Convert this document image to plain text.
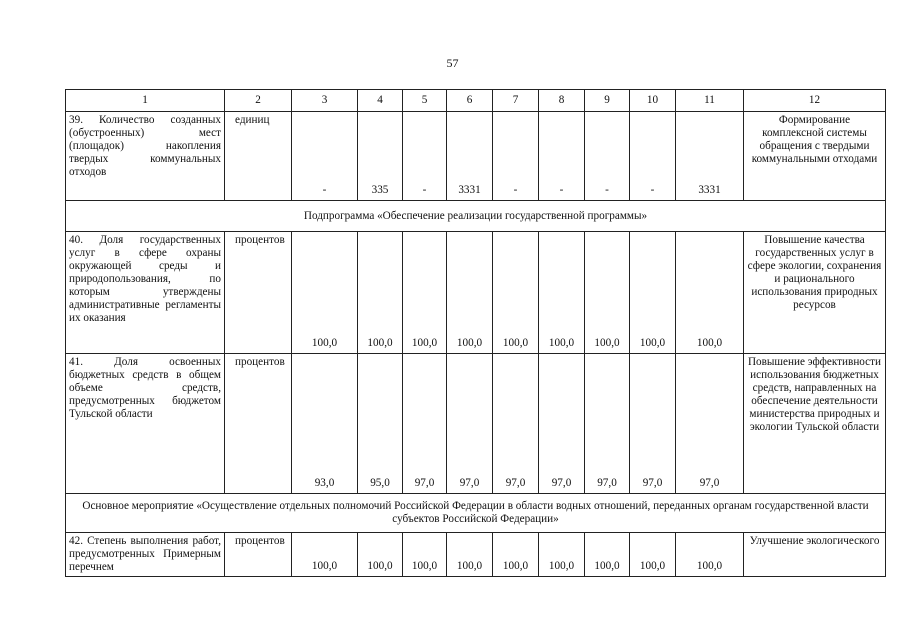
57
1	2	3	4	5	6	7	8	9	10	11	12
39. Количество созданных (обустроенных) мест (площадок) накопления твердых коммунальных отходов	единиц	-	335	-	3331	-	-	-	-	3331	Формирование комплексной системы обращения с твердыми коммунальными отходами
Подпрограмма «Обеспечение реализации государственной программы»											
40. Доля государственных услуг в сфере охраны окружающей среды и природопользования, по которым утверждены административные регламенты их оказания	процентов	100,0	100,0	100,0	100,0	100,0	100,0	100,0	100,0	100,0	Повышение качества государственных услуг в сфере экологии, сохранения и рационального использования природных ресурсов
41. Доля освоенных бюджетных средств в общем объеме средств, предусмотренных бюджетом Тульской области	процентов	93,0	95,0	97,0	97,0	97,0	97,0	97,0	97,0	97,0	Повышение эффективности использования бюджетных средств, направленных на обеспечение деятельности министерства природных и экологии Тульской области
Основное мероприятие «Осуществление отдельных полномочий Российской Федерации в области водных отношений, переданных органам государственной власти субъектов Российской Федерации»											
42. Степень выполнения работ, предусмотренных Примерным перечнем	процентов	100,0	100,0	100,0	100,0	100,0	100,0	100,0	100,0	100,0	Улучшение экологического
